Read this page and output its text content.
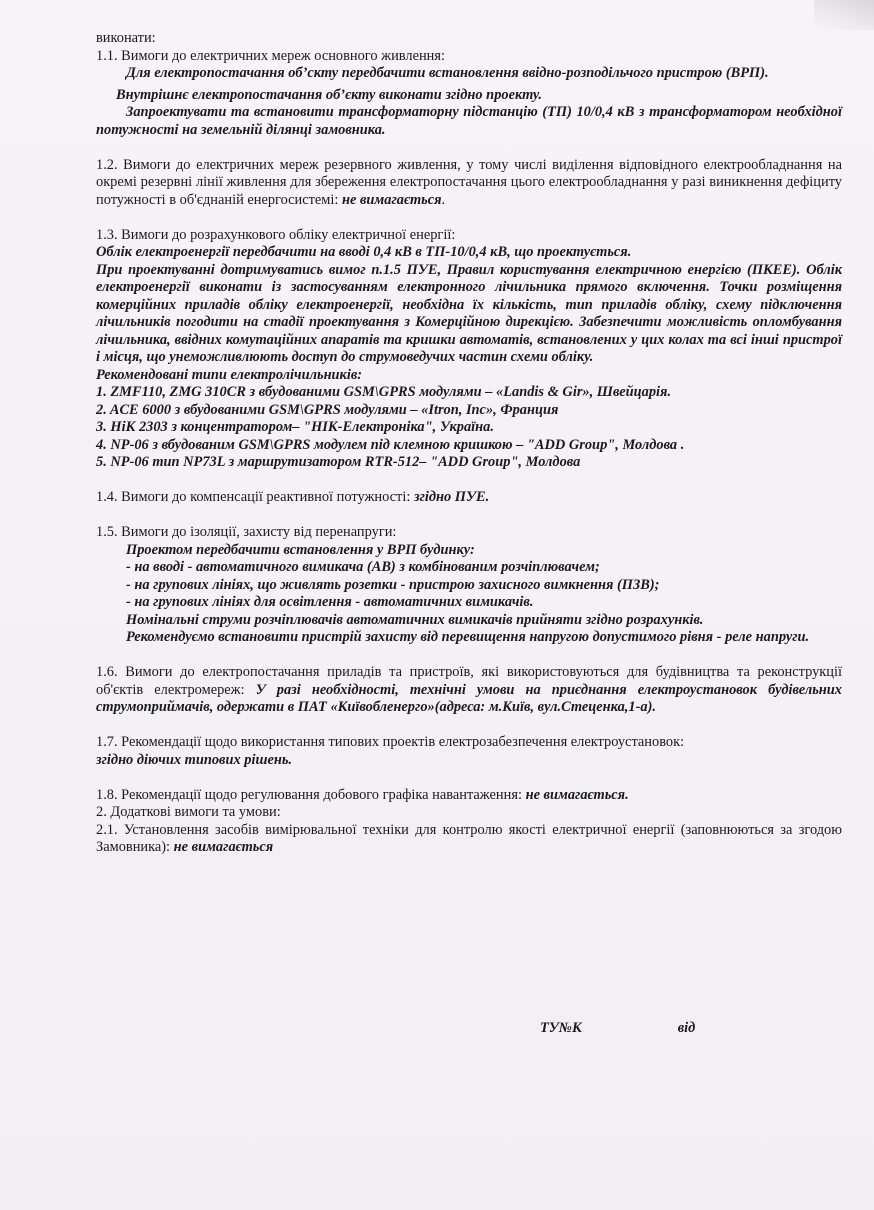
виконати:

1.1. Вимоги до електричних мереж основного живлення:

Для електропостачання об’скту передбачити встановлення ввідно-розподільчого пристрою (ВРП).

Внутрішнє електропостачання об’єкту виконати згідно проекту.

Запроектувати та встановити трансформаторну підстанцію (ТП) 10/0,4 кВ з трансформатором необхідної потужності на земельній ділянці замовника.

1.2. Вимоги до електричних мереж резервного живлення, у тому числі виділення відповідного електрообладнання на окремі резервні лінії живлення для збереження електропостачання цього електрообладнання у разі виникнення дефіциту потужності в об'єднаній енергосистемі: не вимагається.

1.3. Вимоги до розрахункового обліку електричної енергії:

Облік електроенергії передбачити на вводі 0,4 кВ в ТП-10/0,4 кВ, що проектується.

При проектуванні дотримуватись вимог п.1.5 ПУЕ, Правил користування електричною енергією (ПКЕЕ). Облік електроенергії виконати із застосуванням електронного лічильника прямого включення. Точки розміщення комерційних приладів обліку електроенергії, необхідна їх кількість, тип приладів обліку, схему підключення лічильників погодити на стадії проектування з Комерційною дирекцією. Забезпечити можливість опломбування лічильника, ввідних комутаційних апаратів та кришки автоматів, встановлених у цих колах та всі інші пристрої і місця, що унеможливлюють доступ до струмоведучих частин схеми обліку.

Рекомендовані типи електролічильників:

1. ZMF110, ZMG 310CR з вбудованими GSM\GPRS модулями – «Landis & Gir», Швейцарія.

2. ACE 6000 з вбудованими GSM\GPRS модулями – «Itron, Inc», Франция

3. НіК 2303 з концентратором– "НІК-Електроніка", Україна.

4. NP-06 з вбудованим GSM\GPRS модулем під клемною кришкою – "ADD Group", Молдова .

5. NP-06 тип NP73L з маршрутизатором RTR-512– "ADD Group", Молдова

1.4. Вимоги до компенсації реактивної потужності: згідно ПУЕ.

1.5. Вимоги до ізоляції, захисту від перенапруги:

Проектом передбачити встановлення у ВРП будинку:

- на вводі - автоматичного вимикача (АВ) з комбінованим розчіплювачем;

- на групових лініях, що живлять розетки - пристрою захисного вимкнення (ПЗВ);

- на групових лініях для освітлення - автоматичних вимикачів.

Номінальні струми розчіплювачів автоматичних вимикачів прийняти згідно розрахунків.

Рекомендуємо встановити пристрій захисту від перевищення напругою допустимого рівня - реле напруги.

1.6. Вимоги до електропостачання приладів та пристроїв, які використовуються для будівництва та реконструкції об'єктів електромереж: У разі необхідності, технічні умови на приєднання електроустановок будівельних струмоприймачів, одержати в ПАТ «Київобленерго»(адреса: м.Київ, вул.Стеценка,1-а).

1.7. Рекомендації щодо використання типових проектів електрозабезпечення електроустановок:

згідно діючих типових рішень.

1.8. Рекомендації щодо регулювання добового графіка навантаження: не вимагається.

2. Додаткові вимоги та умови:

2.1. Установлення засобів вимірювальної техніки для контролю якості електричної енергії (заповнюються за згодою Замовника): не вимагається

ТУ№К	від
